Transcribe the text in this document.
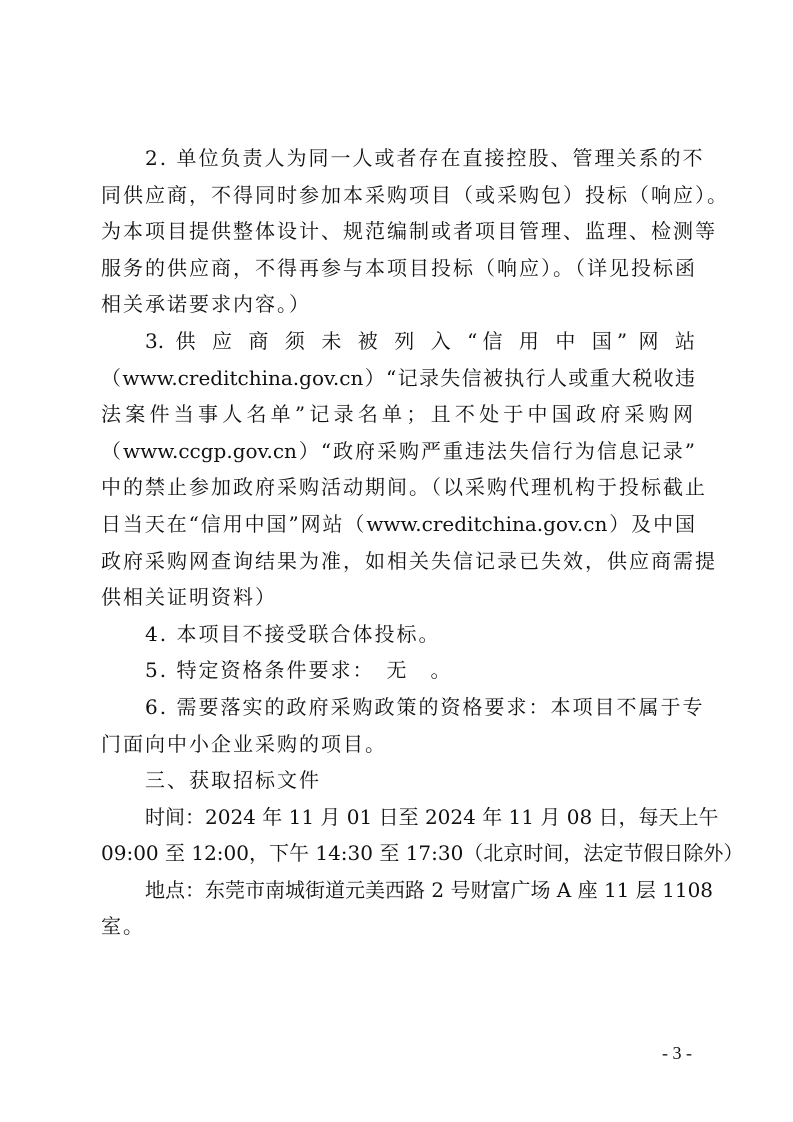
2. 单位负责人为同一人或者存在直接控股、管理关系的不
同供应商，不得同时参加本采购项目（或采购包）投标（响应）。
为本项目提供整体设计、规范编制或者项目管理、监理、检测等
服务的供应商，不得再参与本项目投标（响应）。（详见投标函
相关承诺要求内容。）
3. 供 应 商 须 未 被 列 入 “信 用 中 国” 网 站
（www.creditchina.gov.cn）“记录失信被执行人或重大税收违
法案件当事人名单”记录名单；且不处于中国政府采购网
（www.ccgp.gov.cn）“政府采购严重违法失信行为信息记录”
中的禁止参加政府采购活动期间。（以采购代理机构于投标截止
日当天在“信用中国”网站（www.creditchina.gov.cn）及中国
政府采购网查询结果为准，如相关失信记录已失效，供应商需提
供相关证明资料）
4. 本项目不接受联合体投标。
5. 特定资格条件要求：　无　。
6. 需要落实的政府采购政策的资格要求：本项目不属于专
门面向中小企业采购的项目。
三、获取招标文件
时间：2024 年 11 月 01 日至 2024 年 11 月 08 日，每天上午
09:00 至 12:00，下午 14:30 至 17:30（北京时间，法定节假日除外）
地点：东莞市南城街道元美西路 2 号财富广场 A 座 11 层 1108
室。
- 3 -
